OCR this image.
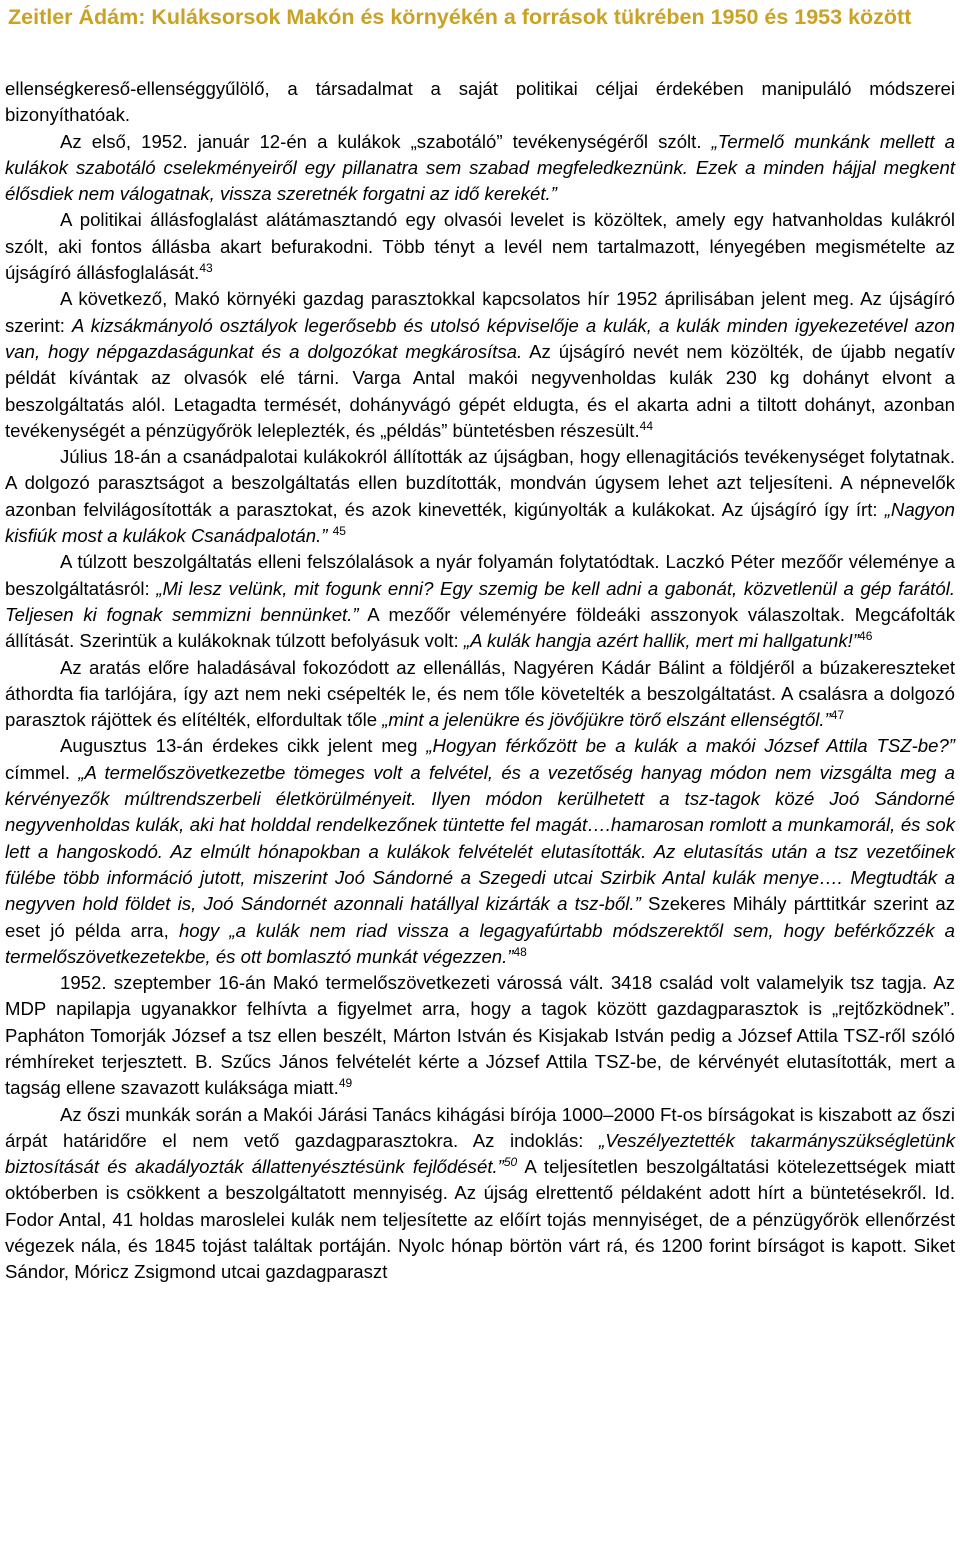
Zeitler Ádám: Kuláksorsok Makón és környékén a források tükrében 1950 és 1953 között

ellenségkereső-ellenséggyűlölő, a társadalmat a saját politikai céljai érdekében manipuláló módszerei bizonyíthatóak.

Az első, 1952. január 12-én a kulákok „szabotáló” tevékenységéről szólt. „Termelő munkánk mellett a kulákok szabotáló cselekményeiről egy pillanatra sem szabad megfeledkeznünk. Ezek a minden hájjal megkent élősdiek nem válogatnak, vissza szeretnék forgatni az idő kerekét.”

A politikai állásfoglalást alátámasztandó egy olvasói levelet is közöltek, amely egy hatvanholdas kulákról szólt, aki fontos állásba akart befurakodni. Több tényt a levél nem tartalmazott, lényegében megismételte az újságíró állásfoglalását.$^{43}$

A következő, Makó környéki gazdag parasztokkal kapcsolatos hír 1952 áprilisában jelent meg. Az újságíró szerint: A kizsákmányoló osztályok legerősebb és utolsó képviselője a kulák, a kulák minden igyekezetével azon van, hogy népgazdaságunkat és a dolgozókat megkárosítsa. Az újságíró nevét nem közölték, de újabb negatív példát kívántak az olvasók elé tárni. Varga Antal makói negyvenholdas kulák 230 kg dohányt elvont a beszolgáltatás alól. Letagadta termését, dohányvágó gépét eldugta, és el akarta adni a tiltott dohányt, azonban tevékenységét a pénzügyőrök leleplezték, és „példás” büntetésben részesült.$^{44}$

Július 18-án a csanádpalotai kulákokról állították az újságban, hogy ellenagitációs tevékenységet folytatnak. A dolgozó parasztságot a beszolgáltatás ellen buzdították, mondván úgysem lehet azt teljesíteni. A népnevelők azonban felvilágosították a parasztokat, és azok kinevették, kigúnyolták a kulákokat. Az újságíró így írt: „Nagyon kisfiúk most a kulákok Csanádpalotán.” $^{45}$

A túlzott beszolgáltatás elleni felszólalások a nyár folyamán folytatódtak. Laczkó Péter mezőőr véleménye a beszolgáltatásról: „Mi lesz velünk, mit fogunk enni? Egy szemig be kell adni a gabonát, közvetlenül a gép farától. Teljesen ki fognak semmizni bennünket.” A mezőőr véleményére földeáki asszonyok válaszoltak. Megcáfolták állítását. Szerintük a kulákoknak túlzott befolyásuk volt: „A kulák hangja azért hallik, mert mi hallgatunk!”$^{46}$

Az aratás előre haladásával fokozódott az ellenállás, Nagyéren Kádár Bálint a földjéről a búzakereszteket áthordta fia tarlójára, így azt nem neki csépelték le, és nem tőle követelték a beszolgáltatást. A csalásra a dolgozó parasztok rájöttek és elítélték, elfordultak tőle „mint a jelenükre és jövőjükre törő elszánt ellenségtől.”$^{47}$

Augusztus 13-án érdekes cikk jelent meg „Hogyan férkőzött be a kulák a makói József Attila TSZ-be?” címmel. „A termelőszövetkezetbe tömeges volt a felvétel, és a vezetőség hanyag módon nem vizsgálta meg a kérvényezők múltrendszerbeli életkörülményeit. Ilyen módon kerülhetett a tsz-tagok közé Joó Sándorné negyvenholdas kulák, aki hat holddal rendelkezőnek tüntette fel magát….hamarosan romlott a munkamorál, és sok lett a hangoskodó. Az elmúlt hónapokban a kulákok felvételét elutasították. Az elutasítás után a tsz vezetőinek fülébe több információ jutott, miszerint Joó Sándorné a Szegedi utcai Szirbik Antal kulák menye…. Megtudták a negyven hold földet is, Joó Sándornét azonnali hatállyal kizárták a tsz-ből.” Szekeres Mihály párttitkár szerint az eset jó példa arra, hogy „a kulák nem riad vissza a legagyafúrtabb módszerektől sem, hogy beférkőzzék a termelőszövetkezetekbe, és ott bomlasztó munkát végezzen.”$^{48}$

1952. szeptember 16-án Makó termelőszövetkezeti várossá vált. 3418 család volt valamelyik tsz tagja. Az MDP napilapja ugyanakkor felhívta a figyelmet arra, hogy a tagok között gazdagparasztok is „rejtőzködnek”. Papháton Tomorják József a tsz ellen beszélt, Márton István és Kisjakab István pedig a József Attila TSZ-ről szóló rémhíreket terjesztett. B. Szűcs János felvételét kérte a József Attila TSZ-be, de kérvényét elutasították, mert a tagság ellene szavazott kuláksága miatt.$^{49}$

Az őszi munkák során a Makói Járási Tanács kihágási bírója 1000–2000 Ft-os bírságokat is kiszabott az őszi árpát határidőre el nem vető gazdagparasztokra. Az indoklás: „Veszélyeztették takarmányszükségletünk biztosítását és akadályozták állattenyésztésünk fejlődését.”$^{50}$ A teljesítetlen beszolgáltatási kötelezettségek miatt októberben is csökkent a beszolgáltatott mennyiség. Az újság elrettentő példaként adott hírt a büntetésekről. Id. Fodor Antal, 41 holdas maroslelei kulák nem teljesítette az előírt tojás mennyiséget, de a pénzügyőrök ellenőrzést végezek nála, és 1845 tojást találtak portáján. Nyolc hónap börtön várt rá, és 1200 forint bírságot is kapott. Siket Sándor, Móricz Zsigmond utcai gazdagparaszt
